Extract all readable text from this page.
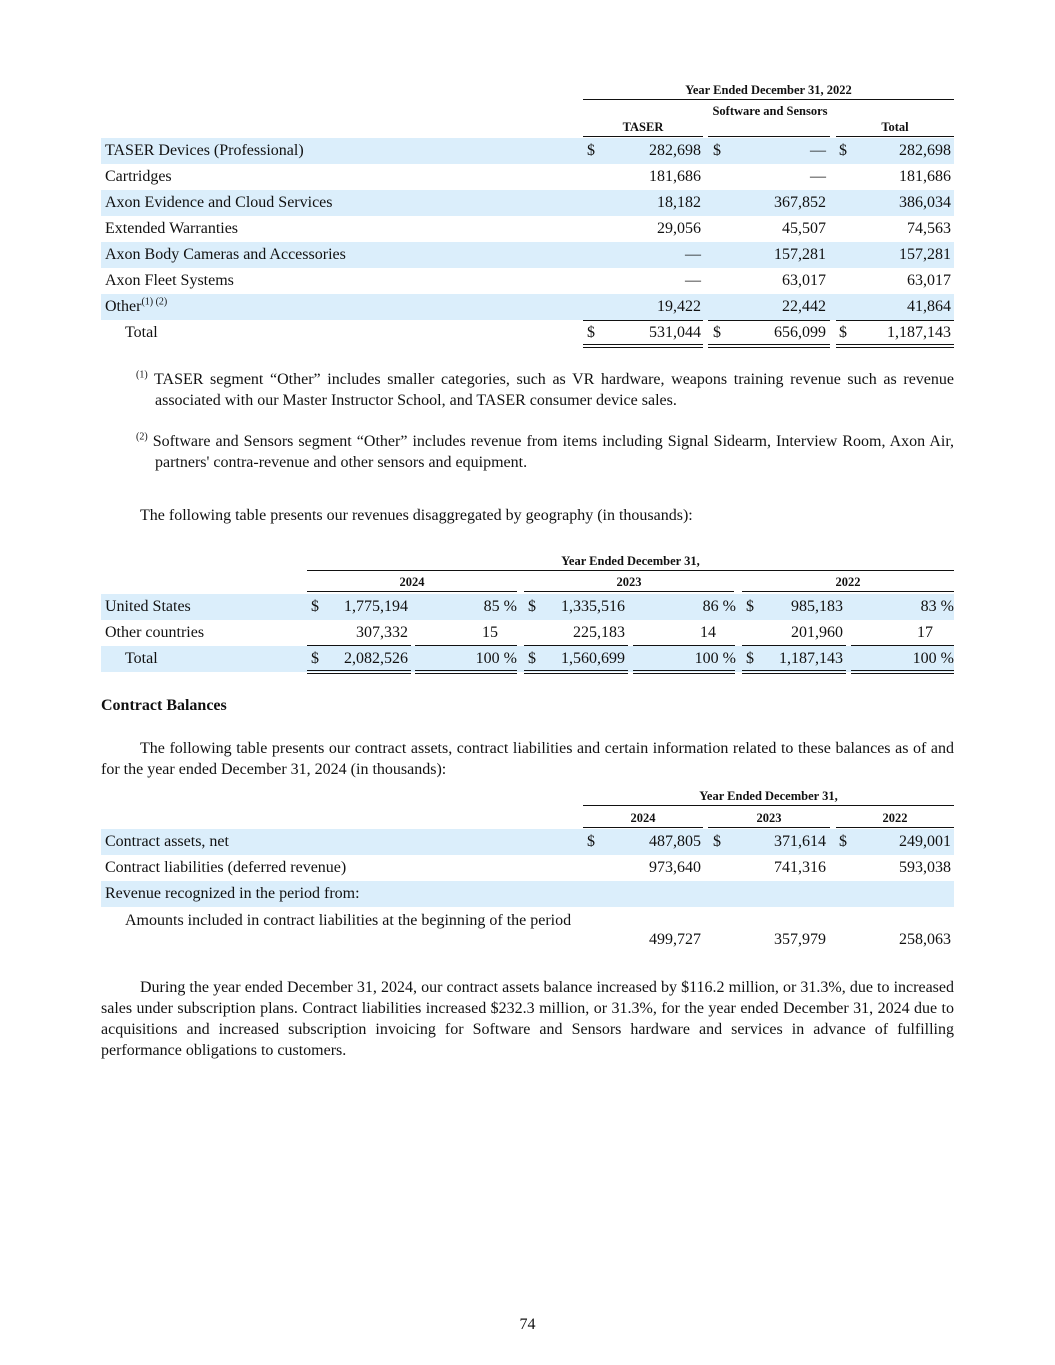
Year Ended December 31, 2022
TASER
Software and Sensors
Total
TASER Devices (Professional)	$	282,698 $	— $	282,698
Cartridges	181,686	—	181,686
Axon Evidence and Cloud Services	18,182	367,852	386,034
Extended Warranties	29,056	45,507	74,563
Axon Body Cameras and Accessories	—	157,281	157,281
Axon Fleet Systems	—	63,017	63,017
Other$^{(1) (2)}$	19,422	22,442	41,864
Total	$	531,044 $	656,099 $	1,187,143
$^{(1)}$ TASER segment “Other” includes smaller categories, such as VR hardware, weapons training revenue such as revenue associated with our Master Instructor School, and TASER consumer device sales.
$^{(2)}$ Software and Sensors segment “Other” includes revenue from items including Signal Sidearm, Interview Room, Axon Air, partners' contra-revenue and other sensors and equipment.
The following table presents our revenues disaggregated by geography (in thousands):
Year Ended December 31,
2024	2023	2022
United States	$	1,775,194	85 % $	1,335,516	86 % $	985,183	83 %
Other countries	307,332	15	225,183	14	201,960	17
Total	$	2,082,526	100 % $	1,560,699	100 % $	1,187,143	100 %
Contract Balances
The following table presents our contract assets, contract liabilities and certain information related to these balances as of and for the year ended December 31, 2024 (in thousands):
Year Ended December 31,
2024	2023	2022
Contract assets, net	$	487,805 $	371,614 $	249,001
Contract liabilities (deferred revenue)	973,640	741,316	593,038
Revenue recognized in the period from:
Amounts included in contract liabilities at the beginning of the period
499,727	357,979	258,063
During the year ended December 31, 2024, our contract assets balance increased by $116.2 million, or 31.3%, due to increased sales under subscription plans. Contract liabilities increased $232.3 million, or 31.3%, for the year ended December 31, 2024 due to acquisitions and increased subscription invoicing for Software and Sensors hardware and services in advance of fulfilling performance obligations to customers.
74
